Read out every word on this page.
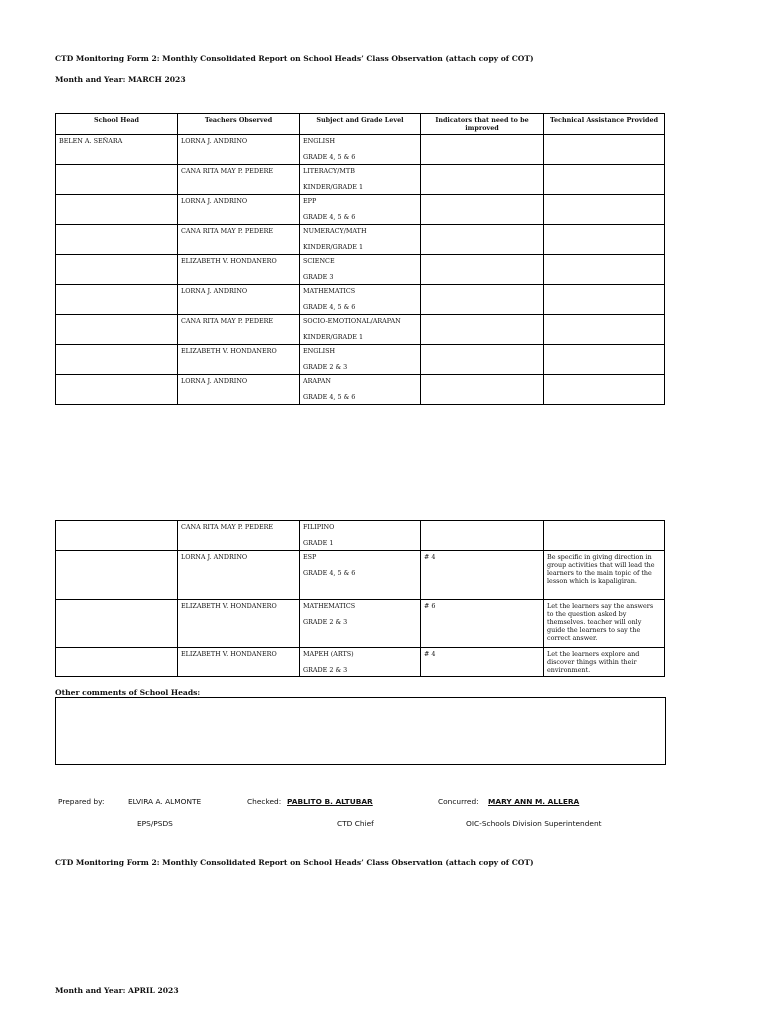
CTD Monitoring Form 2: Monthly Consolidated Report on School Heads’ Class Observation (attach copy of COT)
Month and Year: MARCH 2023
School Head	Teachers Observed	Subject and Grade Level	Indicators that need to be improved	Technical Assistance Provided
BELEN A. SEÑARA	LORNA J. ANDRINO	ENGLISH

GRADE 4, 5 & 6		
	CANA RITA MAY P. PEDERE	LITERACY/MTB

KINDER/GRADE 1		
	LORNA J. ANDRINO	EPP

GRADE 4, 5 & 6		
	CANA RITA MAY P. PEDERE	NUMERACY/MATH

KINDER/GRADE 1		
	ELIZABETH V. HONDANERO	SCIENCE

GRADE 3		
	LORNA J. ANDRINO	MATHEMATICS

GRADE 4, 5 & 6		
	CANA RITA MAY P. PEDERE	SOCIO-EMOTIONAL/ARAPAN

KINDER/GRADE 1		
	ELIZABETH V. HONDANERO	ENGLISH

GRADE 2 & 3		
	LORNA J. ANDRINO	ARAPAN

GRADE 4, 5 & 6		
	CANA RITA MAY P. PEDERE	FILIPINO

GRADE 1		
	LORNA J. ANDRINO	ESP

GRADE 4, 5 & 6	# 4	Be specific in giving direction in group activities that will lead the learners to the main topic of the lesson which is kapaligiran.
	ELIZABETH V. HONDANERO	MATHEMATICS

GRADE 2 & 3	# 6	Let the learners say the answers to the question asked by themselves. teacher will only guide the learners to say the correct answer.
	ELIZABETH V. HONDANERO	MAPEH (ARTS)

GRADE 2 & 3	# 4	Let the learners explore and discover things within their environment.
Other comments of School Heads:
Prepared by:	ELVIRA A. ALMONTE
EPS/PSDS
Checked: PABLITO B. ALTUBAR
CTD Chief
Concurred: MARY ANN M. ALLERA
OIC-Schools Division Superintendent
CTD Monitoring Form 2: Monthly Consolidated Report on School Heads’ Class Observation (attach copy of COT)
Month and Year: APRIL 2023
